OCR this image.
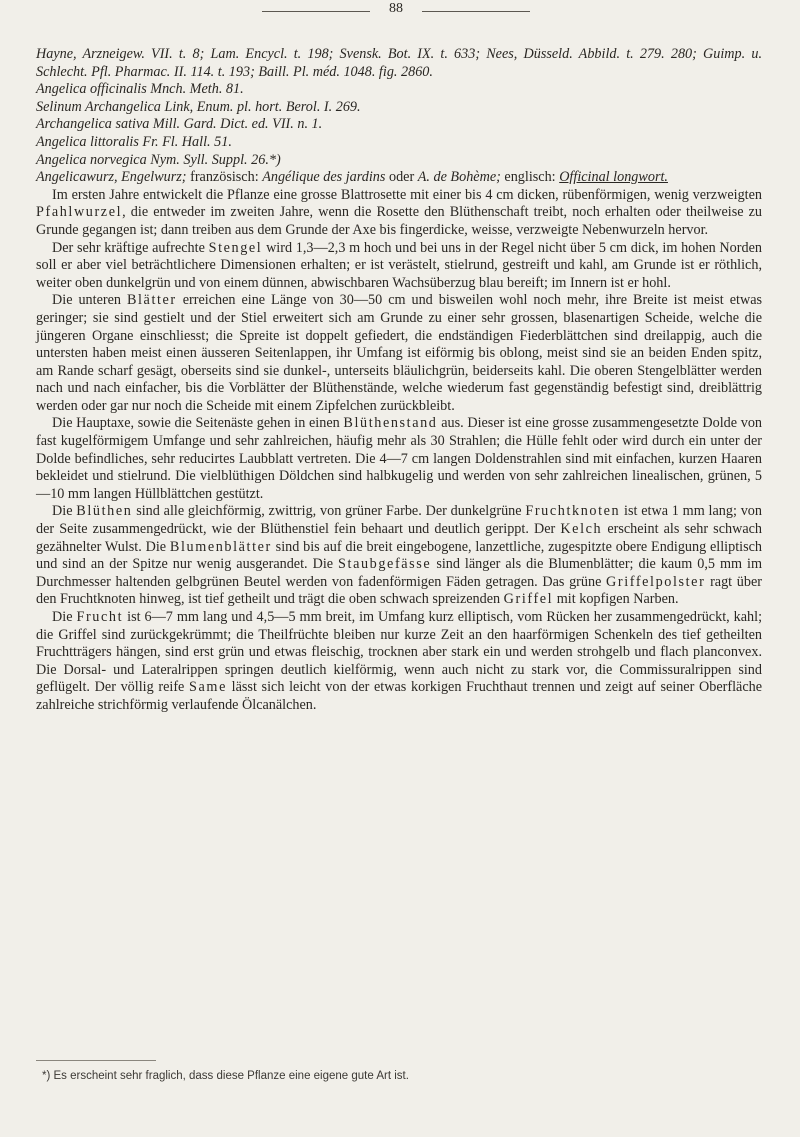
88

Hayne, Arzneigew. VII. t. 8; Lam. Encycl. t. 198; Svensk. Bot. IX. t. 633; Nees, Düsseld. Abbild. t. 279. 280; Guimp. u. Schlecht. Pfl. Pharmac. II. 114. t. 193; Baill. Pl. méd. 1048. fig. 2860.

Angelica officinalis Mnch. Meth. 81.

Selinum Archangelica Link, Enum. pl. hort. Berol. I. 269.

Archangelica sativa Mill. Gard. Dict. ed. VII. n. 1.

Angelica littoralis Fr. Fl. Hall. 51.

Angelica norvegica Nym. Syll. Suppl. 26.*)

Angelicawurz, Engelwurz; französisch: Angélique des jardins oder A. de Bohème; englisch: Officinal longwort.

Im ersten Jahre entwickelt die Pflanze eine grosse Blattrosette mit einer bis 4 cm dicken, rübenförmigen, wenig verzweigten Pfahlwurzel, die entweder im zweiten Jahre, wenn die Rosette den Blüthenschaft treibt, noch erhalten oder theilweise zu Grunde gegangen ist; dann treiben aus dem Grunde der Axe bis fingerdicke, weisse, verzweigte Nebenwurzeln hervor.

Der sehr kräftige aufrechte Stengel wird 1,3—2,3 m hoch und bei uns in der Regel nicht über 5 cm dick, im hohen Norden soll er aber viel beträchtlichere Dimensionen erhalten; er ist verästelt, stielrund, gestreift und kahl, am Grunde ist er röthlich, weiter oben dunkelgrün und von einem dünnen, abwischbaren Wachsüberzug blau bereift; im Innern ist er hohl.

Die unteren Blätter erreichen eine Länge von 30—50 cm und bisweilen wohl noch mehr, ihre Breite ist meist etwas geringer; sie sind gestielt und der Stiel erweitert sich am Grunde zu einer sehr grossen, blasenartigen Scheide, welche die jüngeren Organe einschliesst; die Spreite ist doppelt gefiedert, die endständigen Fiederblättchen sind dreilappig, auch die untersten haben meist einen äusseren Seitenlappen, ihr Umfang ist eiförmig bis oblong, meist sind sie an beiden Enden spitz, am Rande scharf gesägt, oberseits sind sie dunkel-, unterseits bläulichgrün, beiderseits kahl. Die oberen Stengelblätter werden nach und nach einfacher, bis die Vorblätter der Blüthenstände, welche wiederum fast gegenständig befestigt sind, dreiblättrig werden oder gar nur noch die Scheide mit einem Zipfelchen zurückbleibt.

Die Hauptaxe, sowie die Seitenäste gehen in einen Blüthenstand aus. Dieser ist eine grosse zusammengesetzte Dolde von fast kugelförmigem Umfange und sehr zahlreichen, häufig mehr als 30 Strahlen; die Hülle fehlt oder wird durch ein unter der Dolde befindliches, sehr reducirtes Laubblatt vertreten. Die 4—7 cm langen Doldenstrahlen sind mit einfachen, kurzen Haaren bekleidet und stielrund. Die vielblüthigen Döldchen sind halbkugelig und werden von sehr zahlreichen linealischen, grünen, 5—10 mm langen Hüllblättchen gestützt.

Die Blüthen sind alle gleichförmig, zwittrig, von grüner Farbe. Der dunkelgrüne Fruchtknoten ist etwa 1 mm lang; von der Seite zusammengedrückt, wie der Blüthenstiel fein behaart und deutlich gerippt. Der Kelch erscheint als sehr schwach gezähnelter Wulst. Die Blumenblätter sind bis auf die breit eingebogene, lanzettliche, zugespitzte obere Endigung elliptisch und sind an der Spitze nur wenig ausgerandet. Die Staubgefässe sind länger als die Blumenblätter; die kaum 0,5 mm im Durchmesser haltenden gelbgrünen Beutel werden von fadenförmigen Fäden getragen. Das grüne Griffelpolster ragt über den Fruchtknoten hinweg, ist tief getheilt und trägt die oben schwach spreizenden Griffel mit kopfigen Narben.

Die Frucht ist 6—7 mm lang und 4,5—5 mm breit, im Umfang kurz elliptisch, vom Rücken her zusammengedrückt, kahl; die Griffel sind zurückgekrümmt; die Theilfrüchte bleiben nur kurze Zeit an den haarförmigen Schenkeln des tief getheilten Fruchtträgers hängen, sind erst grün und etwas fleischig, trocknen aber stark ein und werden strohgelb und flach planconvex. Die Dorsal- und Lateralrippen springen deutlich kielförmig, wenn auch nicht zu stark vor, die Commissuralrippen sind geflügelt. Der völlig reife Same lässt sich leicht von der etwas korkigen Fruchthaut trennen und zeigt auf seiner Oberfläche zahlreiche strichförmig verlaufende Ölcanälchen.

*) Es erscheint sehr fraglich, dass diese Pflanze eine eigene gute Art ist.
